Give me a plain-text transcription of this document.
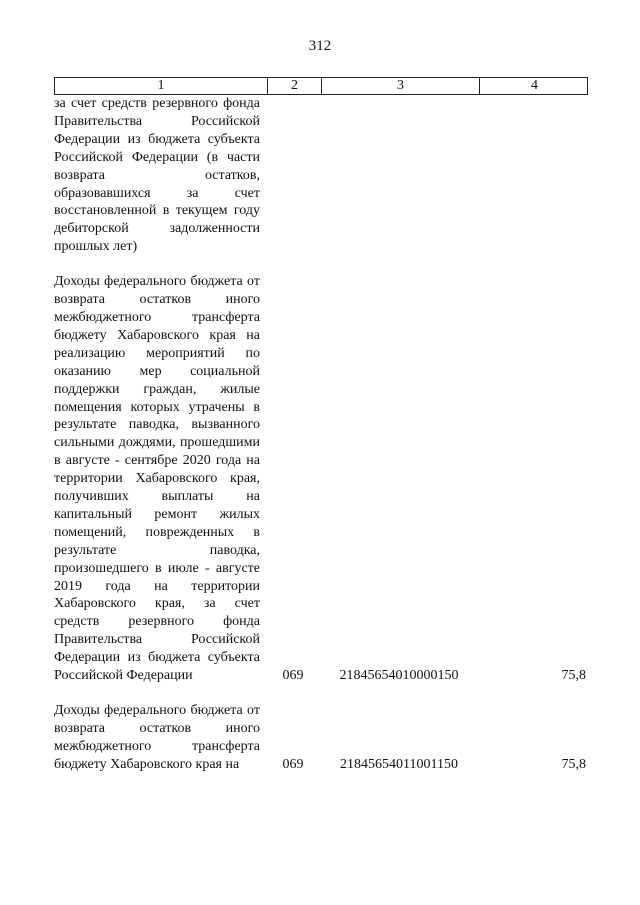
312
1	2	3	4

за счет средств резервного фонда Правительства Российской Федерации из бюджета субъекта Российской Федерации (в части возврата остатков, образовавшихся за счет восстановленной в текущем году дебиторской задолженности прошлых лет)

Доходы федерального бюджета от возврата остатков иного межбюджетного трансферта бюджету Хабаровского края на реализацию мероприятий по оказанию мер социальной поддержки граждан, жилые помещения которых утрачены в результате паводка, вызванного сильными дождями, прошедшими в августе - сентябре 2020 года на территории Хабаровского края, получивших выплаты на капитальный ремонт жилых помещений, поврежденных в результате паводка, произошедшего в июле - августе 2019 года на территории Хабаровского края, за счет средств резервного фонда Правительства Российской Федерации из бюджета субъекта Российской Федерации	069	21845654010000150	75,8

Доходы федерального бюджета от возврата остатков иного межбюджетного трансферта бюджету Хабаровского края на	069	21845654011001150	75,8
